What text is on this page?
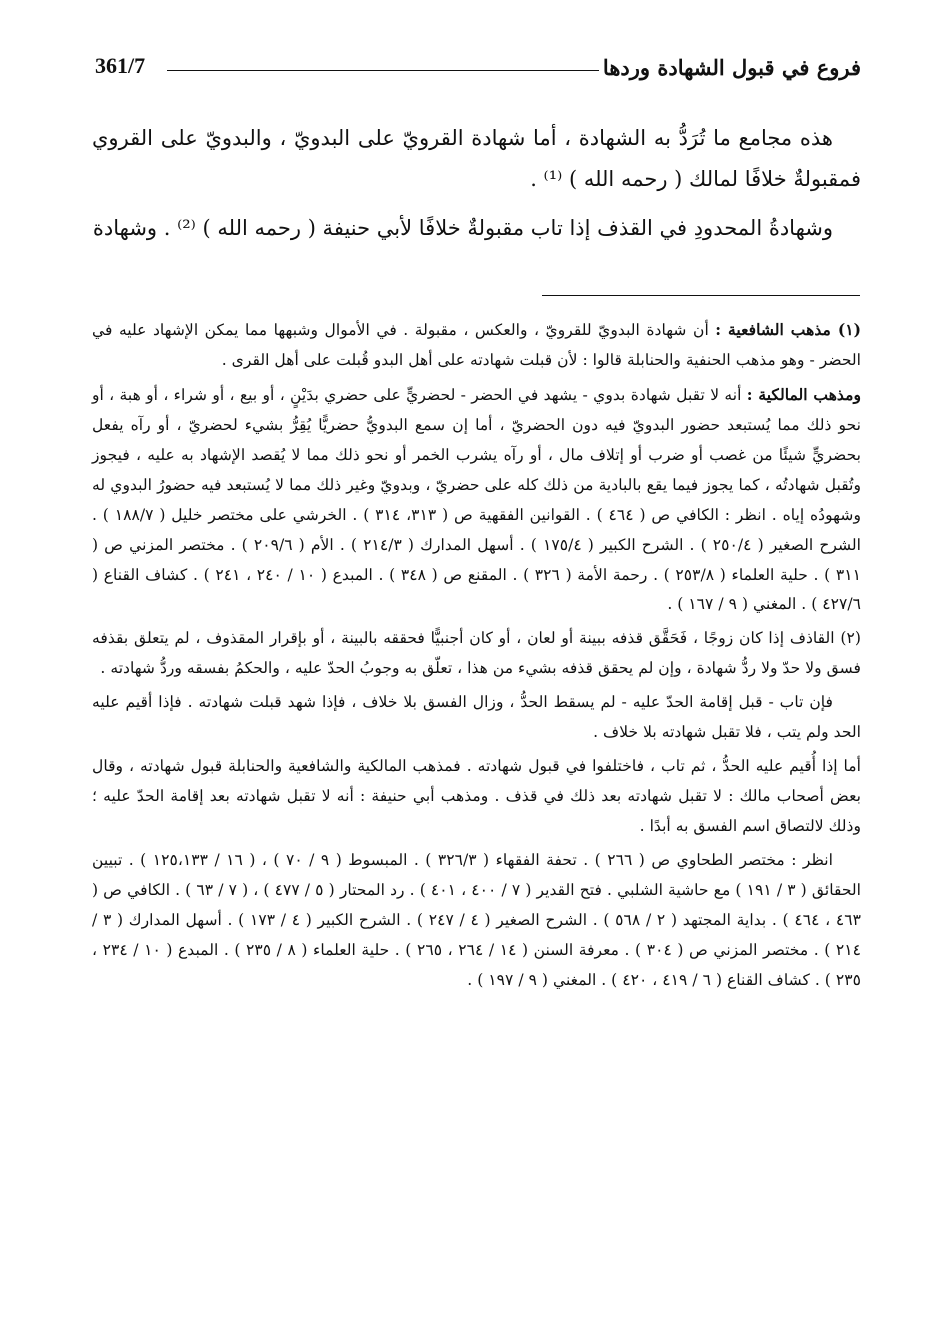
فروع في قبول الشهادة وردها
361/7

هذه مجامع ما تُرَدُّ به الشهادة ، أما شهادة القرويّ على البدويّ ، والبدويّ على القروي فمقبولةٌ خلافًا لمالك ( رحمه الله ) ⁽¹⁾ .

وشهادةُ المحدودِ في القذف إذا تاب مقبولةٌ خلافًا لأبي حنيفة ( رحمه الله ) ⁽²⁾ . وشهادة

(١) مذهب الشافعية : أن شهادة البدويّ للقرويّ ، والعكس ، مقبولة . في الأموال وشبهها مما يمكن الإشهاد عليه في الحضر - وهو مذهب الحنفية والحنابلة قالوا : لأن قبلت شهادته على أهل البدو قُبلت على أهل القرى .

ومذهب المالكية : أنه لا تقبل شهادة بدوي - يشهد في الحضر - لحضريٍّ على حضري بدَيْنٍ ، أو بيع ، أو شراء ، أو هبة ، أو نحو ذلك مما يُستبعد حضور البدويّ فيه دون الحضريّ ، أما إن سمع البدويُّ حضريًّا يُقِرُّ بشيء لحضريّ ، أو رآه يفعل بحضريٍّ شيئًا من غصب أو ضرب أو إتلاف مال ، أو رآه يشرب الخمر أو نحو ذلك مما لا يُقصد الإشهاد به عليه ، فيجوز وتُقبل شهادتُه ، كما يجوز فيما يقع بالبادية من ذلك كله على حضريّ ، وبدويّ وغير ذلك مما لا يُستبعد فيه حضورُ البدوي له وشهودُه إياه . انظر : الكافي ص ( ٤٦٤ ) . القوانين الفقهية ص ( ٣١٣، ٣١٤ ) . الخرشي على مختصر خليل ( ١٨٨/٧ ) . الشرح الصغير ( ٢٥٠/٤ ) . الشرح الكبير ( ١٧٥/٤ ) . أسهل المدارك ( ٢١٤/٣ ) . الأم ( ٢٠٩/٦ ) . مختصر المزني ص ( ٣١١ ) . حلية العلماء ( ٢٥٣/٨ ) . رحمة الأمة ( ٣٢٦ ) . المقنع ص ( ٣٤٨ ) . المبدع ( ١٠ / ٢٤٠ ، ٢٤١ ) . كشاف القناع ( ٤٢٧/٦ ) . المغني ( ٩ / ١٦٧ ) .

(٢) القاذف إذا كان زوجًا ، فَحَقَّق قذفه ببينة أو لعان ، أو كان أجنبيًّا فحققه بالبينة ، أو بإقرار المقذوف ، لم يتعلق بقذفه فسق ولا حدّ ولا ردُّ شهادة ، وإن لم يحقق قذفه بشيء من هذا ، تعلّق به وجوبُ الحدّ عليه ، والحكمُ بفسقه وردُّ شهادته .

فإن تاب - قبل إقامة الحدّ عليه - لم يسقط الحدُّ ، وزال الفسق بلا خلاف ، فإذا شهد قبلت شهادته . فإذا أقيم عليه الحد ولم يتب ، فلا تقبل شهادته بلا خلاف .

أما إذا أُقيم عليه الحدُّ ، ثم تاب ، فاختلفوا في قبول شهادته . فمذهب المالكية والشافعية والحنابلة قبول شهادته ، وقال بعض أصحاب مالك : لا تقبل شهادته بعد ذلك في قذف . ومذهب أبي حنيفة : أنه لا تقبل شهادته بعد إقامة الحدّ عليه ؛ وذلك لالتصاق اسم الفسق به أبدًا .

انظر : مختصر الطحاوي ص ( ٢٦٦ ) . تحفة الفقهاء ( ٣٢٦/٣ ) . المبسوط ( ٩ / ٧٠ ) ، ( ١٦ / ١٢٥،١٣٣ ) . تبيين الحقائق ( ٣ / ١٩١ ) مع حاشية الشلبي . فتح القدير ( ٧ / ٤٠٠ ، ٤٠١ ) . رد المحتار ( ٥ / ٤٧٧ ) ، ( ٧ / ٦٣ ) . الكافي ص ( ٤٦٣ ، ٤٦٤ ) . بداية المجتهد ( ٢ / ٥٦٨ ) . الشرح الصغير ( ٤ / ٢٤٧ ) . الشرح الكبير ( ٤ / ١٧٣ ) . أسهل المدارك ( ٣ / ٢١٤ ) . مختصر المزني ص ( ٣٠٤ ) . معرفة السنن ( ١٤ / ٢٦٤ ، ٢٦٥ ) . حلية العلماء ( ٨ / ٢٣٥ ) . المبدع ( ١٠ / ٢٣٤ ، ٢٣٥ ) . كشاف القناع ( ٦ / ٤١٩ ، ٤٢٠ ) . المغني ( ٩ / ١٩٧ ) .
